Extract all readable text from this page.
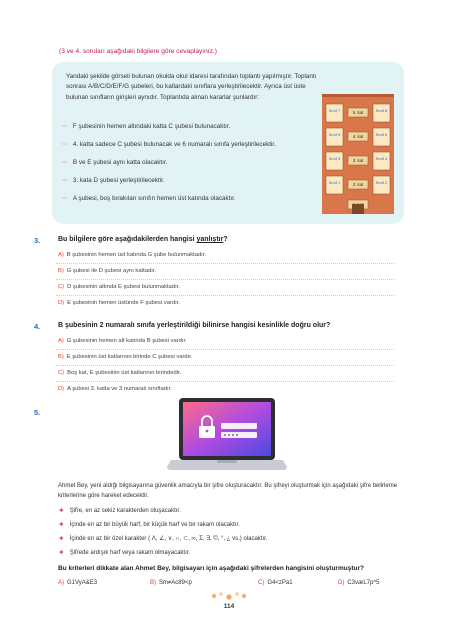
(3 ve 4. soruları aşağıdaki bilgilere göre cevaplayınız.)
Yandaki şekilde görseli bulunan okulda okul idaresi tarafından toplantı yapılmıştır. Toplantı sonrası A/B/C/D/E/F/G şubeleri, bu katlardaki sınıflara yerleştirilecektir. Ayrıca üst üste bulunan sınıfların girişleri aynıdır. Toplantıda alınan kararlar şunlardır:
⇨ F şubesinin hemen altındaki katta C şubesi bulunacaktır.
⇨ 4. katta sadece C şubesi bulunacak ve 6 numaralı sınıfa yerleştirilecektir.
⇨ B ve E şubesi aynı katta olacaktır.
⇨ 3. kata D şubesi yerleştirilecektir.
⇨ A şubesi, boş bırakılan sınıfın hemen üst katında olacaktır.
5. kat
4. kat
3. kat
2. kat
Sınıf 7
Sınıf 5
Sınıf 3
Sınıf 1
Sınıf 8
Sınıf 6
Sınıf 4
Sınıf 2
3.	Bu bilgilere göre aşağıdakilerden hangisi yanlıştır?
A) B şubesinin hemen üst katında G şube bulunmaktadır.
B) G şubesi ile D şubesi aynı kattadır.
C) D şubesinin altında E şubesi bulunmaktadır.
D) E şubesinin hemen üstünde F şubesi vardır.
4.	B şubesinin 2 numaralı sınıfa yerleştirildiği bilinirse hangisi kesinlikle doğru olur?
A) G şubesinin hemen alt katında B şubesi vardır.
B) E şubesinin üst katlarının birinde C şubesi vardır.
C) Boş kat, E şubesinin üst katlarının birindedir.
D) A şubesi 3. katta ve 3 numaralı sınıftadır.
5.
Ahmet Bey, yeni aldığı bilgisayarına güvenlik amacıyla bir şifre oluşturacaktır. Bu şifreyi oluşturmak için aşağıdaki şifre belirleme kriterlerine göre hareket edecektir.
✦ Şifre, en az sekiz karakterden oluşacaktır.
✦ İçinde en az bir büyük harf, bir küçük harf ve bir rakam olacaktır.
✦ İçinde en az bir özel karakter ( Λ, ∠, ∨, ∩, ⊂, ∞, Σ, ∃, ©, °, ¿ vs.) olacaktır.
✦ Şifrede ardışık harf veya rakam olmayacaktır.
Bu kriterleri dikkate alan Ahmet Bey, bilgisayarı için aşağıdaki şifrelerden hangisini oluşturmuştur?
A) G1VyA&E3	B) Sm≠Ac89<p	C) G4<zPa1	D) C3væL7p^5
114
